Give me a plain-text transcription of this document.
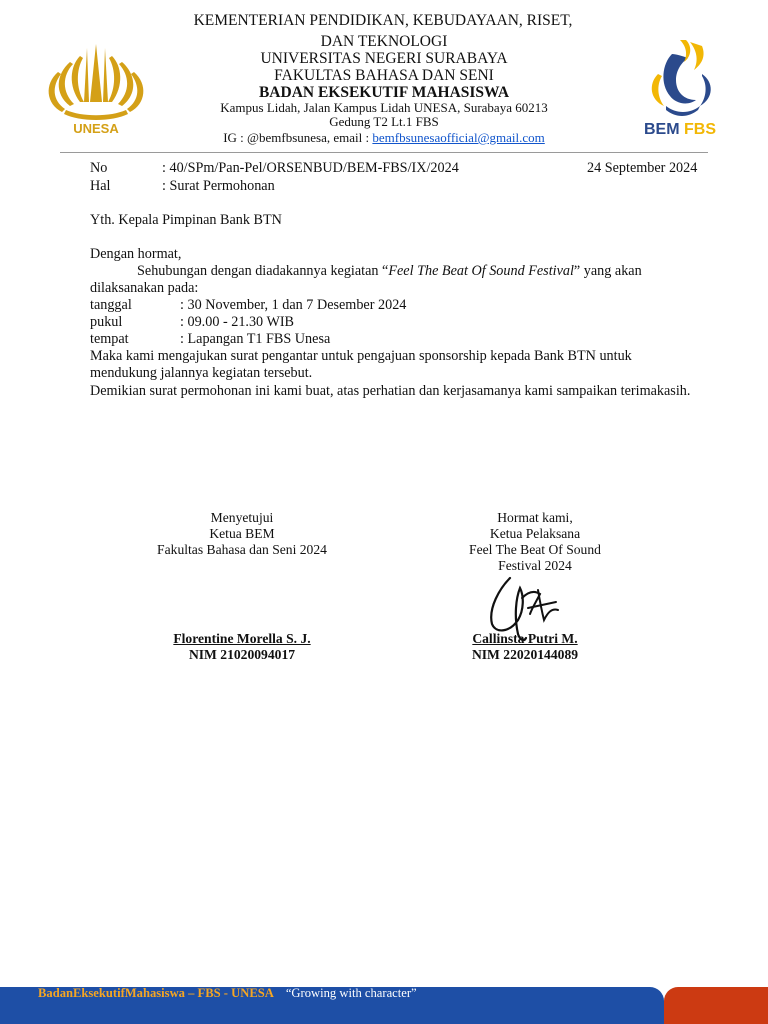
UNESA	BEM FBS
KEMENTERIAN PENDIDIKAN, KEBUDAYAAN, RISET,
DAN TEKNOLOGI
UNIVERSITAS NEGERI SURABAYA
FAKULTAS BAHASA DAN SENI
BADAN EKSEKUTIF MAHASISWA
Kampus Lidah, Jalan Kampus Lidah UNESA, Surabaya 60213
Gedung T2 Lt.1 FBS
IG : @bemfbsunesa, email : bemfbsunesaofficial@gmail.com
No	: 40/SPm/Pan-Pel/ORSENBUD/BEM-FBS/IX/2024	24 September 2024
Hal	: Surat Permohonan
Yth. Kepala Pimpinan Bank BTN
Dengan hormat,
Sehubungan dengan diadakannya kegiatan “Feel The Beat Of Sound Festival” yang akan
dilaksanakan pada:
tanggal	: 30 November, 1 dan 7 Desember 2024
pukul	: 09.00 - 21.30 WIB
tempat	: Lapangan T1 FBS Unesa
Maka kami mengajukan surat pengantar untuk pengajuan sponsorship kepada Bank BTN untuk
mendukung jalannya kegiatan tersebut.
Demikian surat permohonan ini kami buat, atas perhatian dan kerjasamanya kami sampaikan terimakasih.
Menyetujui
Ketua BEM
Fakultas Bahasa dan Seni 2024
Florentine Morella S. J.
NIM 21020094017
Hormat kami,
Ketua Pelaksana
Feel The Beat Of Sound
Festival 2024
Callinsta Putri M.
NIM 22020144089
BadanEksekutifMahasiswa – FBS - UNESA “Growing with character”
